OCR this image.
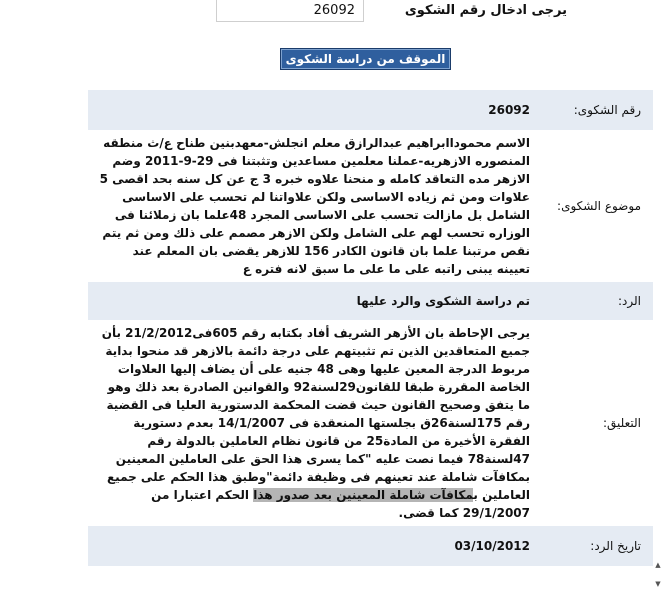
26092
يرجى ادخال رقم الشكوى
الموقف من دراسة الشكوى
رقم الشكوى:	26092
موضوع الشكوى:	الاسم محموداابراهيم عبدالرازق معلم انجلش-معهدبنين طناح ع/ث منطقه المنصوره الازهريه-عملنا معلمين مساعدين وتثبتنا فى 29-9-2011 وضم الازهر مده التعاقد كامله و منحنا علاوه خبره 3 ج عن كل سنه بحد اقصى 5 علاوات ومن ثم زياده الاساسى ولكن علاواتنا لم تحسب على الاساسى الشامل بل مازالت تحسب على الاساسى المجرد 48علما بان زملائنا فى الوزاره تحسب لهم على الشامل ولكن الازهر مصمم على ذلك ومن ثم يتم نقص مرتبنا علما بان قانون الكادر 156 للازهر يقضى بان المعلم عند تعيينه يبنى راتبه على ما على ما سبق لانه فتره ع
الرد:	تم دراسة الشكوى والرد عليها
التعليق:	يرجى الإحاطة بان الأزهر الشريف أفاد بكتابه رقم 605فى21/2/2012 بأن جميع المتعاقدين الذين تم تثبيتهم على درجة دائمة بالازهر قد منحوا بداية مربوط الدرجة المعين عليها وهى 48 جنيه على أن يضاف إليها العلاوات الخاصة المقررة طبقا للقانون29لسنة92 والقوانين الصادرة بعد ذلك وهو ما يتفق وصحيح القانون حيث قضت المحكمة الدستورية العليا فى القضية رقم 175لسنة26ق بجلستها المنعقدة فى 14/1/2007 بعدم دستورية الفقرة الأخيرة من المادة25 من قانون نظام العاملين بالدولة رقم 47لسنة78 فيما نصت عليه "كما يسرى هذا الحق على العاملين المعينين بمكافآت شاملة عند تعينهم فى وظيفة دائمة"وطبق هذا الحكم على جميع العاملين بمكافآت شاملة المعينين بعد صدور هذا الحكم اعتبارا من 29/1/2007 كما قضى.
تاريخ الرد:	03/10/2012
▲
▼
